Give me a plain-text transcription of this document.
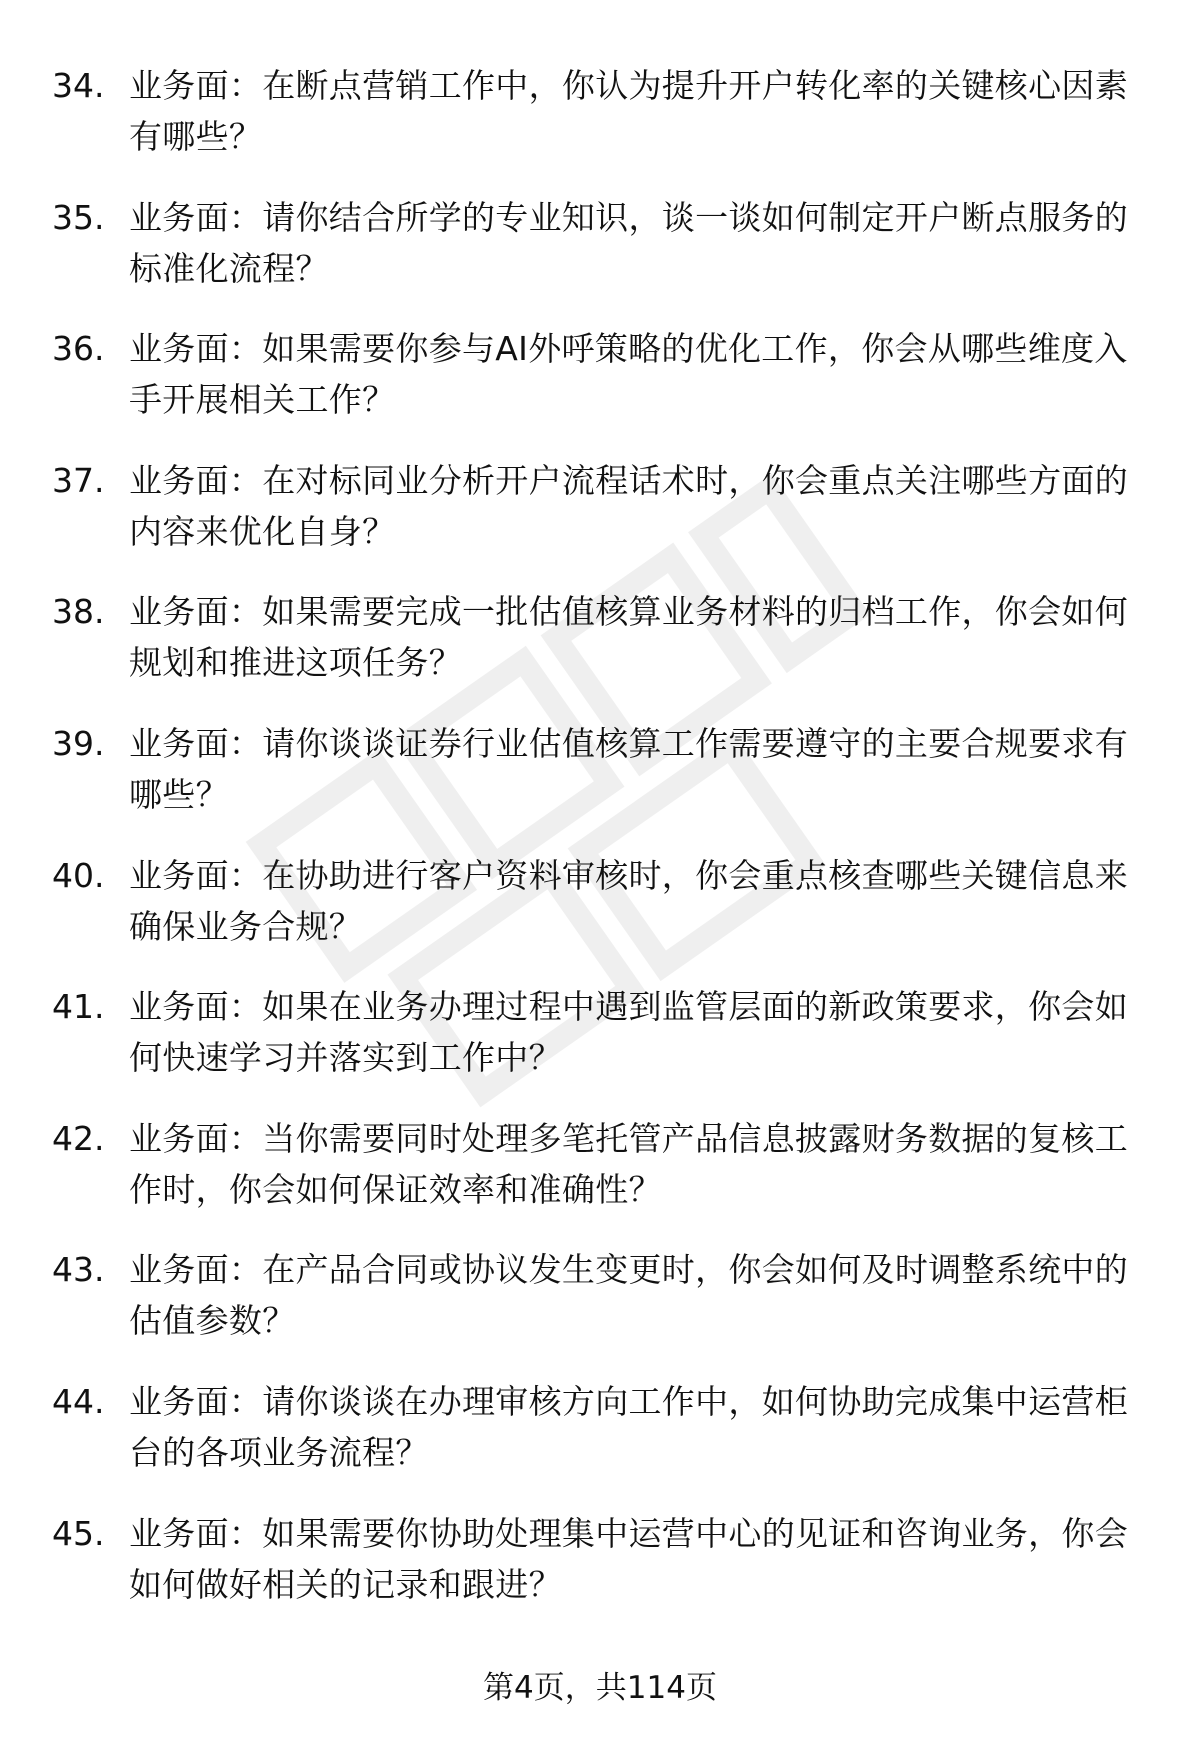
34. 业务面：在断点营销工作中，你认为提升开户转化率的关键核心因素有哪些？
35. 业务面：请你结合所学的专业知识，谈一谈如何制定开户断点服务的标准化流程？
36. 业务面：如果需要你参与AI外呼策略的优化工作，你会从哪些维度入手开展相关工作？
37. 业务面：在对标同业分析开户流程话术时，你会重点关注哪些方面的内容来优化自身？
38. 业务面：如果需要完成一批估值核算业务材料的归档工作，你会如何规划和推进这项任务？
39. 业务面：请你谈谈证券行业估值核算工作需要遵守的主要合规要求有哪些？
40. 业务面：在协助进行客户资料审核时，你会重点核查哪些关键信息来确保业务合规？
41. 业务面：如果在业务办理过程中遇到监管层面的新政策要求，你会如何快速学习并落实到工作中？
42. 业务面：当你需要同时处理多笔托管产品信息披露财务数据的复核工作时，你会如何保证效率和准确性？
43. 业务面：在产品合同或协议发生变更时，你会如何及时调整系统中的估值参数？
44. 业务面：请你谈谈在办理审核方向工作中，如何协助完成集中运营柜台的各项业务流程？
45. 业务面：如果需要你协助处理集中运营中心的见证和咨询业务，你会如何做好相关的记录和跟进？
第4页，共114页
